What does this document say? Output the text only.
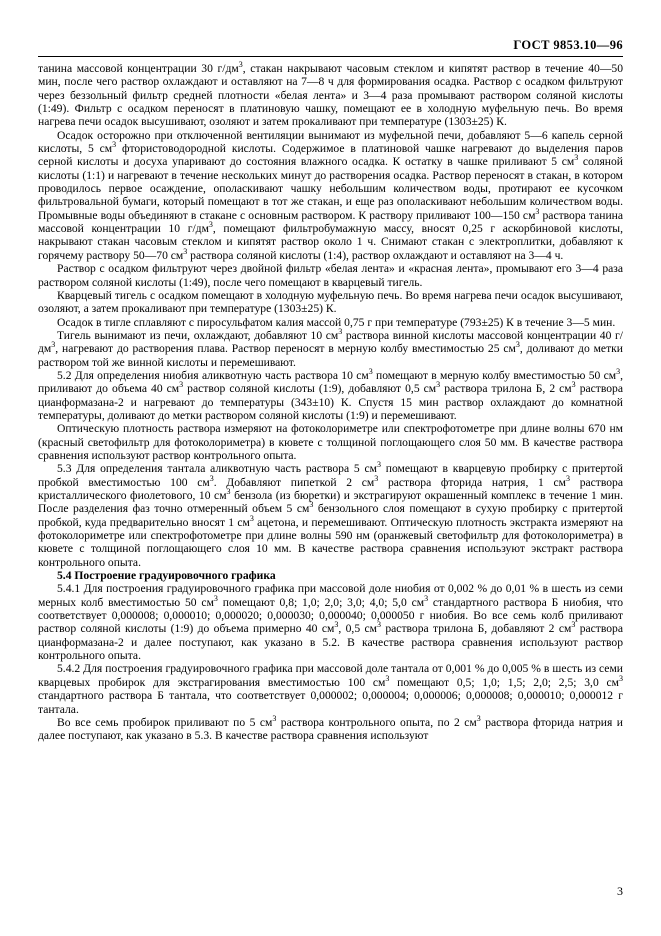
ГОСТ 9853.10—96

танина массовой концентрации 30 $г/дм^3$, стакан накрывают часовым стеклом и кипятят раствор в течение 40—50 мин, после чего раствор охлаждают и оставляют на 7—8 ч для формирования осадка. Раствор с осадком фильтруют через беззольный фильтр средней плотности «белая лента» и 3—4 раза промывают раствором соляной кислоты (1:49). Фильтр с осадком переносят в платиновую чашку, помещают ее в холодную муфельную печь. Во время нагрева печи осадок высушивают, озоляют и затем прокаливают при температуре (1303±25) К.

Осадок осторожно при отключенной вентиляции вынимают из муфельной печи, добавляют 5—6 капель серной кислоты, 5 $см^3$ фтористоводородной кислоты. Содержимое в платиновой чашке нагревают до выделения паров серной кислоты и досуха упаривают до состояния влажного осадка. К остатку в чашке приливают 5 $см^3$ соляной кислоты (1:1) и нагревают в течение нескольких минут до растворения осадка. Раствор переносят в стакан, в котором проводилось первое осаждение, ополаскивают чашку небольшим количеством воды, протирают ее кусочком фильтровальной бумаги, который помещают в тот же стакан, и еще раз ополаскивают небольшим количеством воды. Промывные воды объединяют в стакане с основным раствором. К раствору приливают 100—150 $см^3$ раствора танина массовой концентрации 10 $г/дм^3$, помещают фильтробумажную массу, вносят 0,25 г аскорбиновой кислоты, накрывают стакан часовым стеклом и кипятят раствор около 1 ч. Снимают стакан с электроплитки, добавляют к горячему раствору 50—70 $см^3$ раствора соляной кислоты (1:4), раствор охлаждают и оставляют на 3—4 ч.

Раствор с осадком фильтруют через двойной фильтр «белая лента» и «красная лента», промывают его 3—4 раза раствором соляной кислоты (1:49), после чего помещают в кварцевый тигель.

Кварцевый тигель с осадком помещают в холодную муфельную печь. Во время нагрева печи осадок высушивают, озоляют, а затем прокаливают при температуре (1303±25) К.

Осадок в тигле сплавляют с пиросульфатом калия массой 0,75 г при температуре (793±25) К в течение 3—5 мин.

Тигель вынимают из печи, охлаждают, добавляют 10 $см^3$ раствора винной кислоты массовой концентрации 40 $г/дм^3$, нагревают до растворения плава. Раствор переносят в мерную колбу вместимостью 25 $см^3$, доливают до метки раствором той же винной кислоты и перемешивают.

5.2 Для определения ниобия аликвотную часть раствора 10 $см^3$ помещают в мерную колбу вместимостью 50 $см^3$, приливают до объема 40 $см^3$ раствор соляной кислоты (1:9), добавляют 0,5 $см^3$ раствора трилона Б, 2 $см^3$ раствора цианформазана-2 и нагревают до температуры (343±10) К. Спустя 15 мин раствор охлаждают до комнатной температуры, доливают до метки раствором соляной кислоты (1:9) и перемешивают.

Оптическую плотность раствора измеряют на фотоколориметре или спектрофотометре при длине волны 670 нм (красный светофильтр для фотоколориметра) в кювете с толщиной поглощающего слоя 50 мм. В качестве раствора сравнения используют раствор контрольного опыта.

5.3 Для определения тантала аликвотную часть раствора 5 $см^3$ помещают в кварцевую пробирку с притертой пробкой вместимостью 100 $см^3$. Добавляют пипеткой 2 $см^3$ раствора фторида натрия, 1 $см^3$ раствора кристаллического фиолетового, 10 $см^3$ бензола (из бюретки) и экстрагируют окрашенный комплекс в течение 1 мин. После разделения фаз точно отмеренный объем 5 $см^3$ бензольного слоя помещают в сухую пробирку с притертой пробкой, куда предварительно вносят 1 $см^3$ ацетона, и перемешивают. Оптическую плотность экстракта измеряют на фотоколориметре или спектрофотометре при длине волны 590 нм (оранжевый светофильтр для фотоколориметра) в кювете с толщиной поглощающего слоя 10 мм. В качестве раствора сравнения используют экстракт раствора контрольного опыта.

5.4 Построение градуировочного графика

5.4.1 Для построения градуировочного графика при массовой доле ниобия от 0,002 % до 0,01 % в шесть из семи мерных колб вместимостью 50 $см^3$ помещают 0,8; 1,0; 2,0; 3,0; 4,0; 5,0 $см^3$ стандартного раствора Б ниобия, что соответствует 0,000008; 0,000010; 0,000020; 0,000030; 0,000040; 0,000050 г ниобия. Во все семь колб приливают раствор соляной кислоты (1:9) до объема примерно 40 $см^3$, 0,5 $см^3$ раствора трилона Б, добавляют 2 $см^3$ раствора цианформазана-2 и далее поступают, как указано в 5.2. В качестве раствора сравнения используют раствор контрольного опыта.

5.4.2 Для построения градуировочного графика при массовой доле тантала от 0,001 % до 0,005 % в шесть из семи кварцевых пробирок для экстрагирования вместимостью 100 $см^3$ помещают 0,5; 1,0; 1,5; 2,0; 2,5; 3,0 $см^3$ стандартного раствора Б тантала, что соответствует 0,000002; 0,000004; 0,000006; 0,000008; 0,000010; 0,000012 г тантала.

Во все семь пробирок приливают по 5 $см^3$ раствора контрольного опыта, по 2 $см^3$ раствора фторида натрия и далее поступают, как указано в 5.3. В качестве раствора сравнения используют

3
